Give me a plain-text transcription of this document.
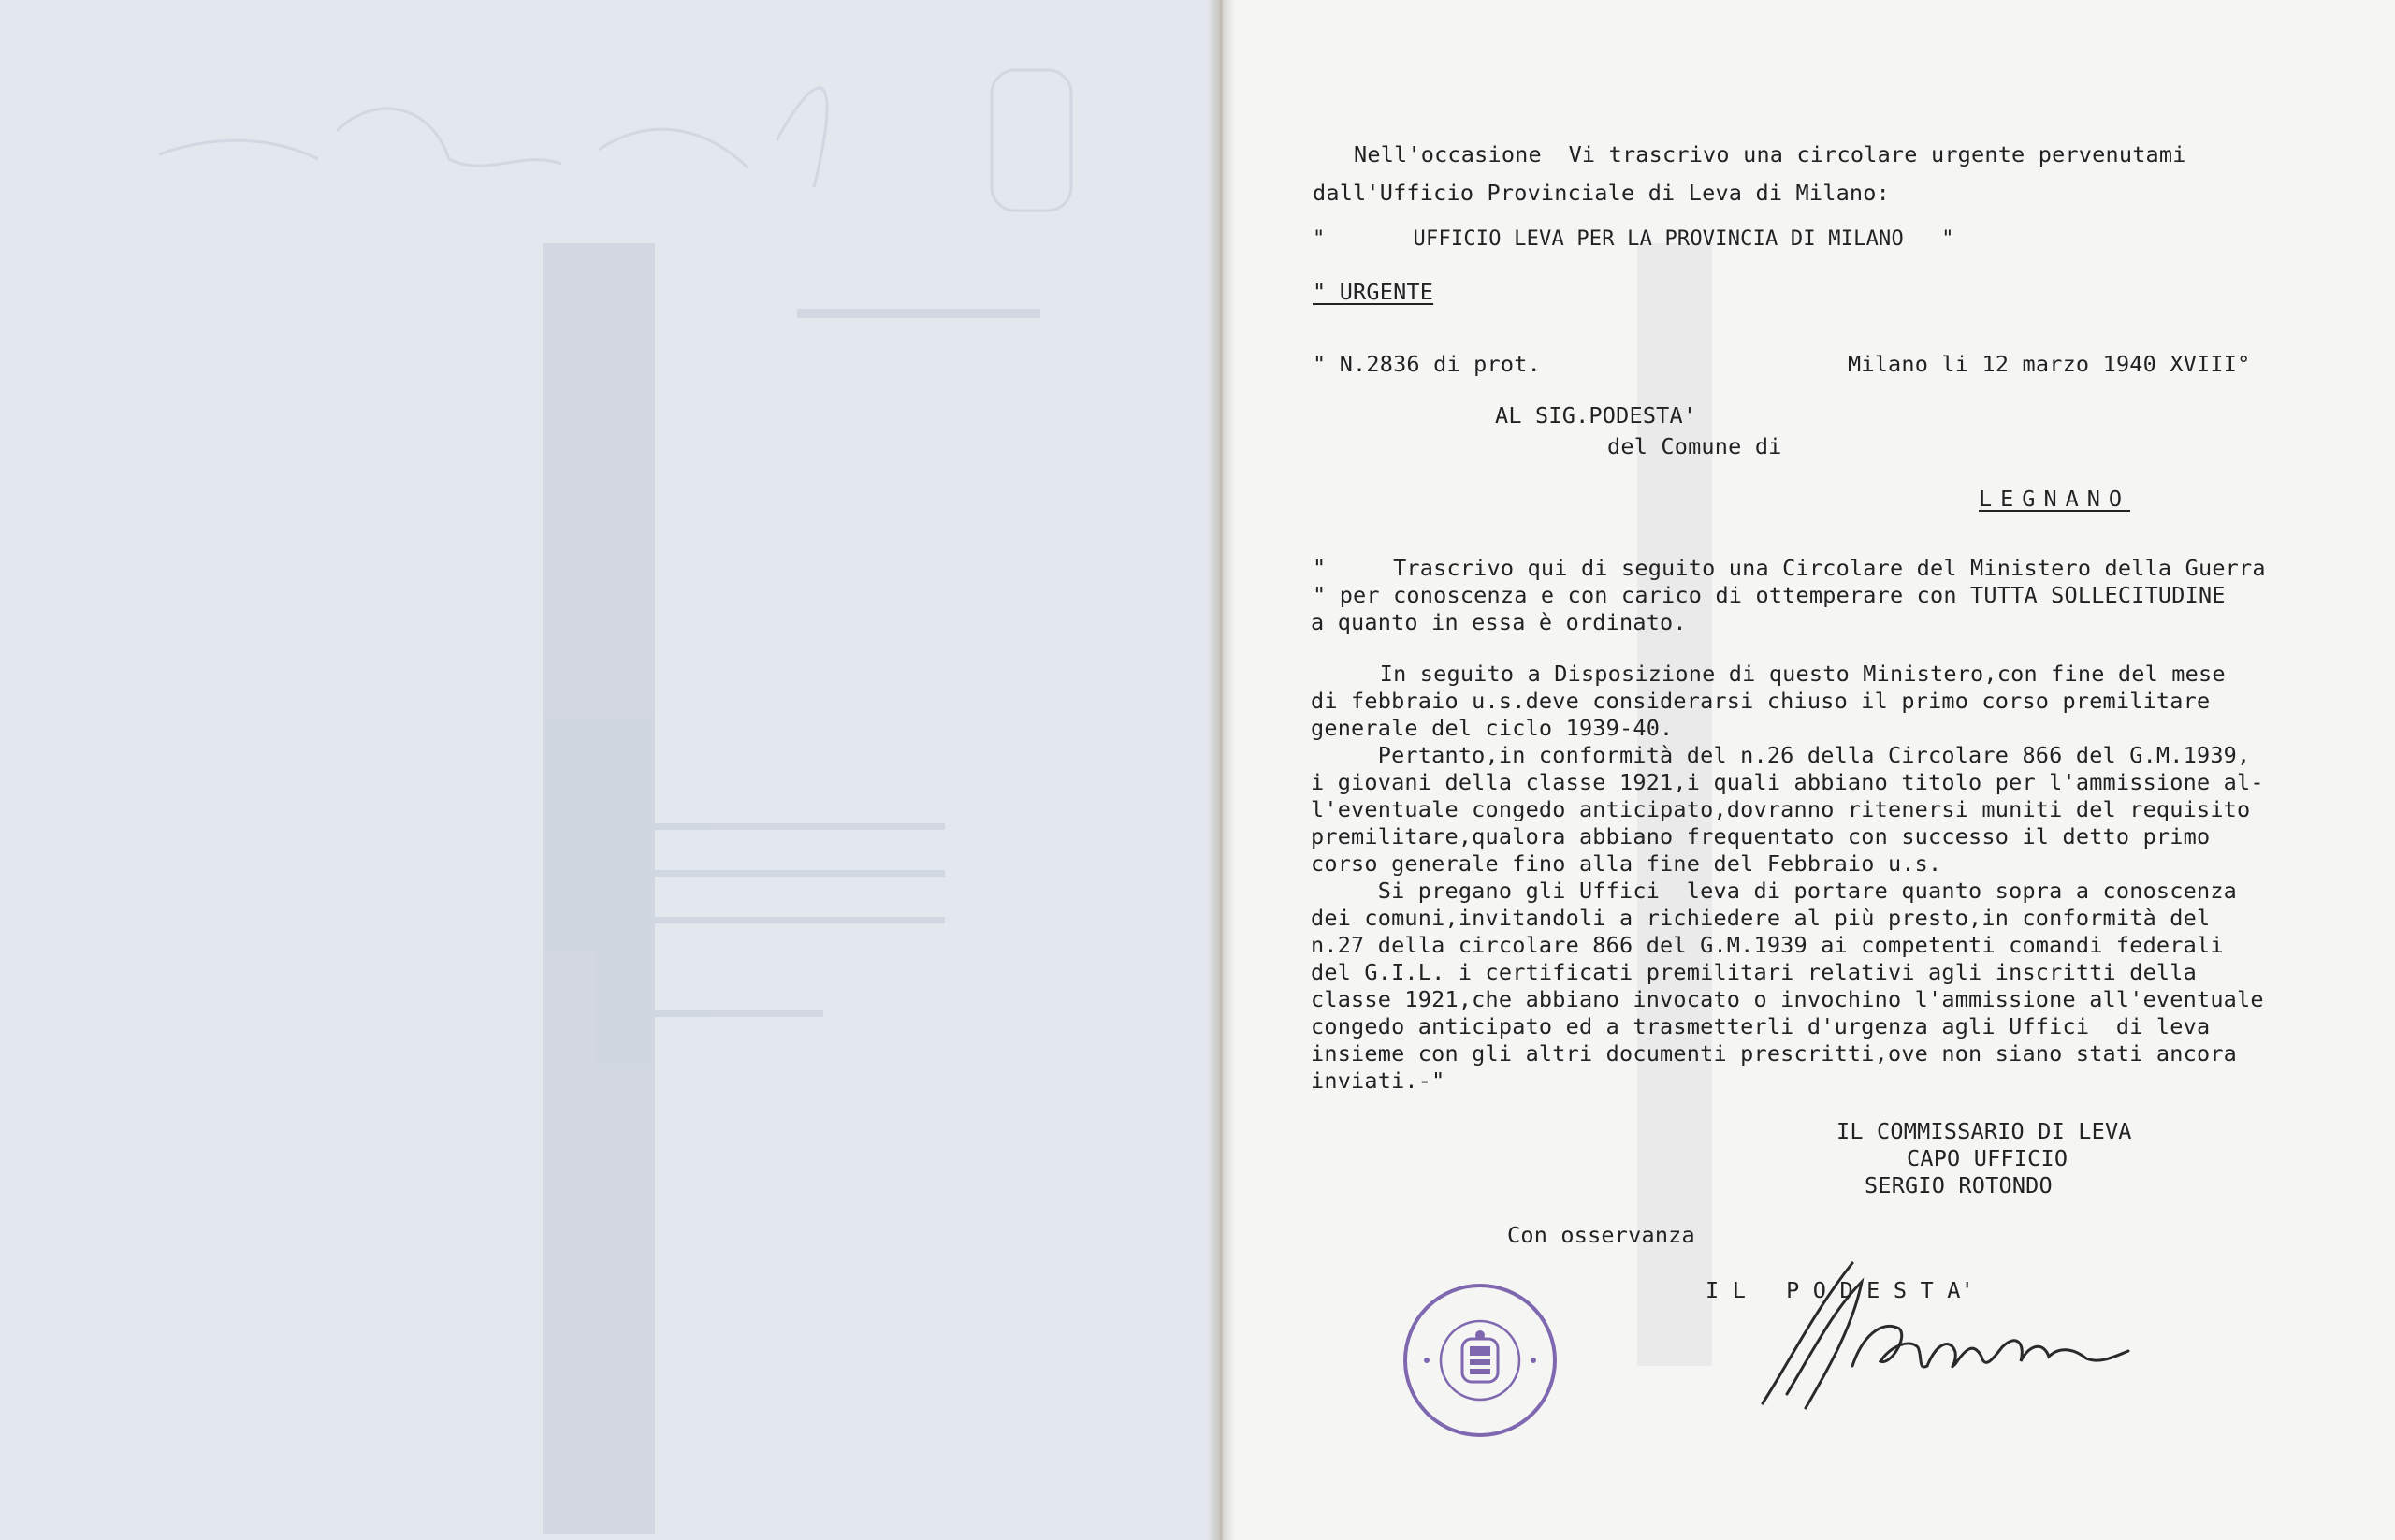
Nell'occasione  Vi trascrivo una circolare urgente pervenutami
dall'Ufficio Provinciale di Leva di Milano:
"       UFFICIO LEVA PER LA PROVINCIA DI MILANO   "
" URGENTE
" N.2836 di prot.	Milano li 12 marzo 1940 XVIII°
AL SIG.PODESTA'
del Comune di
LEGNANO
"     Trascrivo qui di seguito una Circolare del Ministero della Guerra
" per conoscenza e con carico di ottemperare con TUTTA SOLLECITUDINE
a quanto in essa è ordinato.
In seguito a Disposizione di questo Ministero,con fine del mese
di febbraio u.s.deve considerarsi chiuso il primo corso premilitare
generale del ciclo 1939-40.
Pertanto,in conformità del n.26 della Circolare 866 del G.M.1939,
i giovani della classe 1921,i quali abbiano titolo per l'ammissione al-
l'eventuale congedo anticipato,dovranno ritenersi muniti del requisito
premilitare,qualora abbiano frequentato con successo il detto primo
corso generale fino alla fine del Febbraio u.s.
Si pregano gli Uffici  leva di portare quanto sopra a conoscenza
dei comuni,invitandoli a richiedere al più presto,in conformità del
n.27 della circolare 866 del G.M.1939 ai competenti comandi federali
del G.I.L. i certificati premilitari relativi agli inscritti della
classe 1921,che abbiano invocato o invochino l'ammissione all'eventuale
congedo anticipato ed a trasmetterli d'urgenza agli Uffici  di leva
insieme con gli altri documenti prescritti,ove non siano stati ancora
inviati.-"
IL COMMISSARIO DI LEVA
CAPO UFFICIO
SERGIO ROTONDO
Con osservanza
I L   P O D E S T A'
